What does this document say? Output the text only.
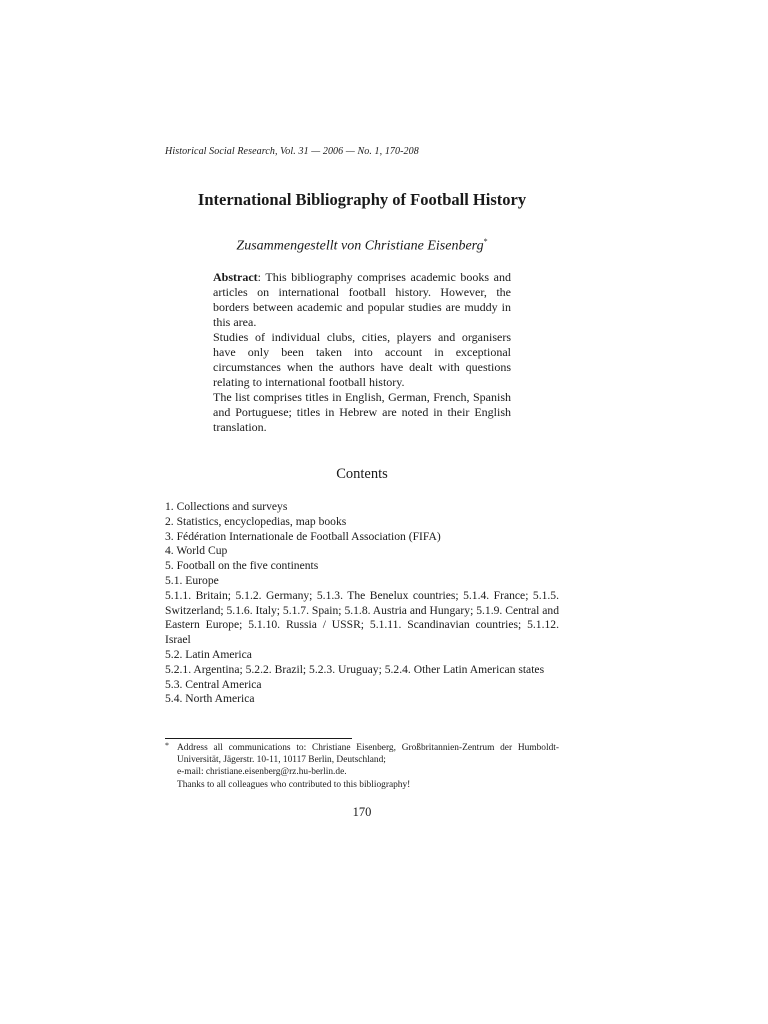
Historical Social Research, Vol. 31 — 2006 — No. 1, 170-208
International Bibliography of Football History
Zusammengestellt von Christiane Eisenberg*

Abstract: This bibliography comprises academic books and articles on international football history. However, the borders between academic and popular studies are muddy in this area.

Studies of individual clubs, cities, players and organisers have only been taken into account in exceptional circumstances when the authors have dealt with questions relating to international football history.

The list comprises titles in English, German, French, Spanish and Portuguese; titles in Hebrew are noted in their English translation.

Contents
1. Collections and surveys
2. Statistics, encyclopedias, map books
3. Fédération Internationale de Football Association (FIFA)
4. World Cup
5. Football on the five continents
5.1. Europe
5.1.1. Britain; 5.1.2. Germany; 5.1.3. The Benelux countries; 5.1.4. France; 5.1.5. Switzerland; 5.1.6. Italy; 5.1.7. Spain; 5.1.8. Austria and Hungary; 5.1.9. Central and Eastern Europe; 5.1.10. Russia / USSR; 5.1.11. Scandinavian countries; 5.1.12. Israel
5.2. Latin America
5.2.1. Argentina; 5.2.2. Brazil; 5.2.3. Uruguay; 5.2.4. Other Latin American states
5.3. Central America
5.4. North America
* Address all communications to: Christiane Eisenberg, Großbritannien-Zentrum der Humboldt-Universität, Jägerstr. 10-11, 10117 Berlin, Deutschland;
e-mail: christiane.eisenberg@rz.hu-berlin.de.
Thanks to all colleagues who contributed to this bibliography!
170
